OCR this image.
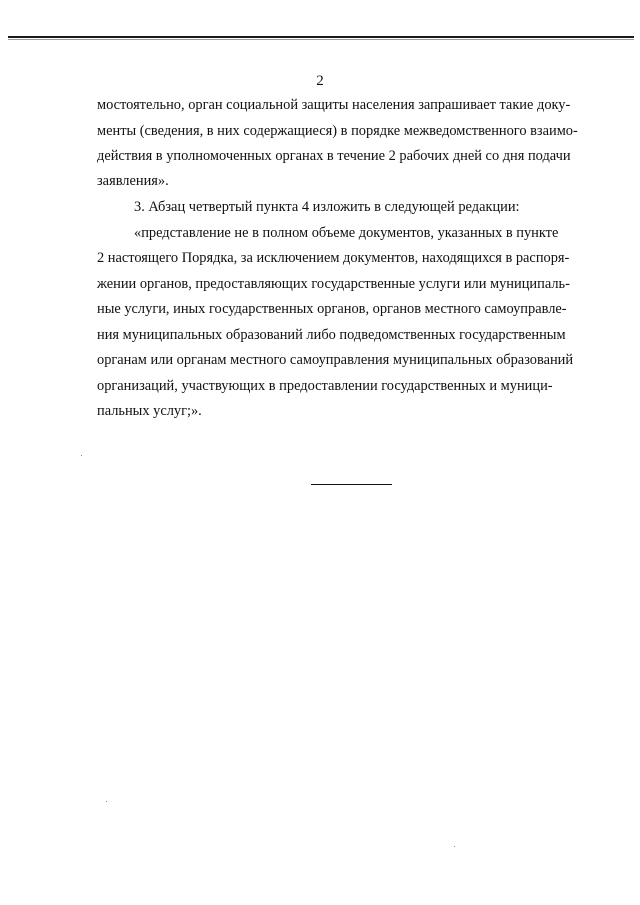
2
мостоятельно, орган социальной защиты населения запрашивает такие доку-
менты (сведения, в них содержащиеся) в порядке межведомственного взаимо-
действия в уполномоченных органах в течение 2 рабочих дней со дня подачи
заявления».
3. Абзац четвертый пункта 4 изложить в следующей редакции:
«представление не в полном объеме документов, указанных в пункте
2 настоящего Порядка, за исключением документов, находящихся в распоря-
жении органов, предоставляющих государственные услуги или муниципаль-
ные услуги, иных государственных органов, органов местного самоуправле-
ния муниципальных образований либо подведомственных государственным
органам или органам местного самоуправления муниципальных образований
организаций, участвующих в предоставлении государственных и муници-
пальных услуг;».
